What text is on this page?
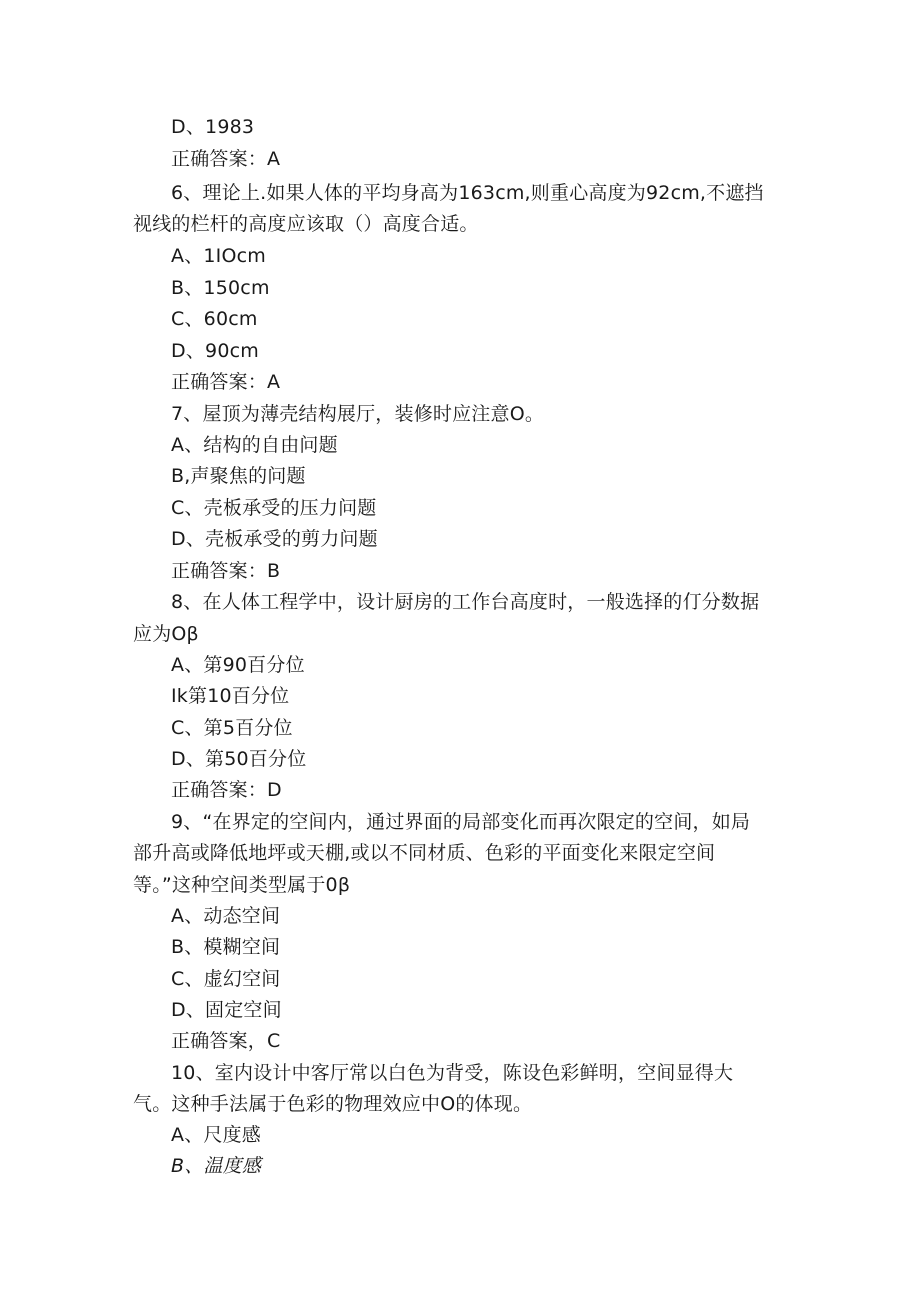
D、1983
正确答案：A
6、理论上.如果人体的平均身高为163cm,则重心高度为92cm,不遮挡
视线的栏杆的高度应该取（）高度合适。
A、1IOcm
B、150cm
C、60cm
D、90cm
正确答案：A
7、屋顶为薄壳结构展厅，装修时应注意O。
A、结构的自由问题
B,声聚焦的问题
C、壳板承受的压力问题
D、壳板承受的剪力问题
正确答案：B
8、在人体工程学中，设计厨房的工作台高度时，一般选择的仃分数据
应为Oβ
A、第90百分位
Ik第10百分位
C、第5百分位
D、第50百分位
正确答案：D
9、“在界定的空间内，通过界面的局部变化而再次限定的空间，如局
部升高或降低地坪或天棚,或以不同材质、色彩的平面变化来限定空间
等。”这种空间类型属于0β
A、动态空间
B、模糊空间
C、虚幻空间
D、固定空间
正确答案，C
10、室内设计中客厅常以白色为背受，陈设色彩鲜明，空间显得大
气。这种手法属于色彩的物理效应中O的体现。
A、尺度感
B、温度感
